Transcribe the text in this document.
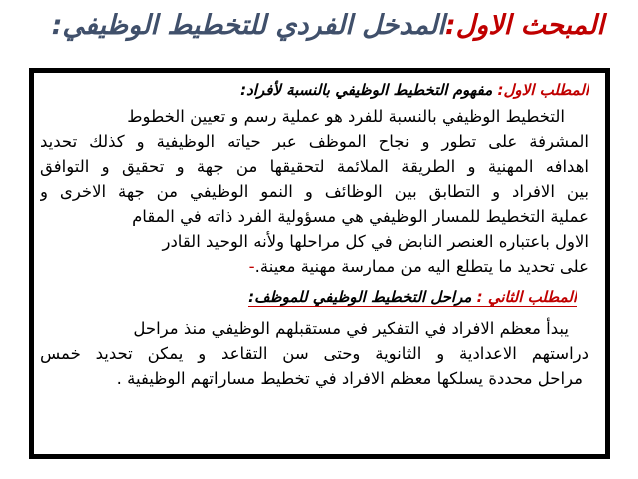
المبحث الاول:المدخل الفردي للتخطيط الوظيفي:
المطلب الاول: مفهوم التخطيط الوظيفي بالنسبة لأفراد:
التخطيط الوظيفي بالنسبة للفرد هو عملية رسم و تعيين الخطوط
المشرفة على تطور و نجاح الموظف عبر حياته الوظيفية و كذلك تحديد
اهدافه المهنية و الطريقة الملائمة لتحقيقها من جهة و تحقيق و التوافق
بين الافراد و التطابق بين الوظائف و النمو الوظيفي من جهة الاخرى و
عملية التخطيط للمسار الوظيفي هي مسؤولية الفرد ذاته في المقام
الاول باعتباره العنصر النابض في كل مراحلها ولأنه الوحيد القادر
على تحديد ما يتطلع اليه من ممارسة مهنية معينة.-
المطلب الثاني : مراحل التخطيط الوظيفي للموظف:
يبدأ معظم الافراد في التفكير في مستقبلهم الوظيفي منذ مراحل
دراستهم الاعدادية و الثانوية وحتى سن التقاعد و يمكن تحديد خمس
مراحل محددة يسلكها معظم الافراد في تخطيط مساراتهم الوظيفية .
